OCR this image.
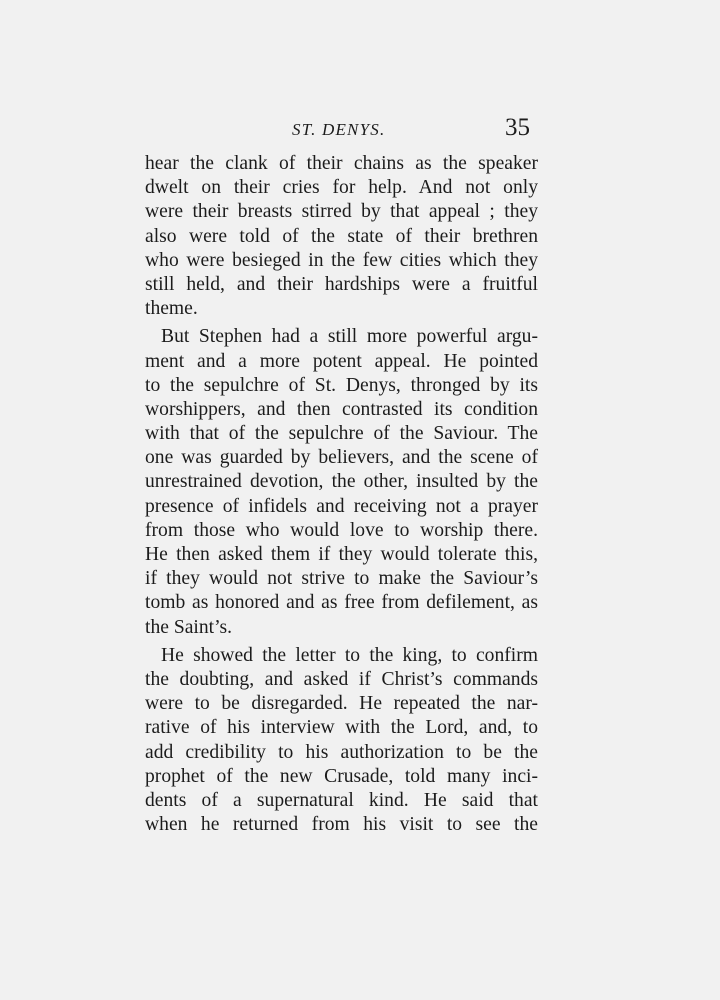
ST. DENYS.	35
hear the clank of their chains as the speaker
dwelt on their cries for help. And not only
were their breasts stirred by that appeal ; they
also were told of the state of their brethren
who were besieged in the few cities which they
still held, and their hardships were a fruitful
theme.
But Stephen had a still more powerful argu-
ment and a more potent appeal. He pointed
to the sepulchre of St. Denys, thronged by its
worshippers, and then contrasted its condition
with that of the sepulchre of the Saviour. The
one was guarded by believers, and the scene of
unrestrained devotion, the other, insulted by the
presence of infidels and receiving not a prayer
from those who would love to worship there.
He then asked them if they would tolerate this,
if they would not strive to make the Saviour’s
tomb as honored and as free from defilement, as
the Saint’s.
He showed the letter to the king, to confirm
the doubting, and asked if Christ’s commands
were to be disregarded. He repeated the nar-
rative of his interview with the Lord, and, to
add credibility to his authorization to be the
prophet of the new Crusade, told many inci-
dents of a supernatural kind. He said that
when he returned from his visit to see the
